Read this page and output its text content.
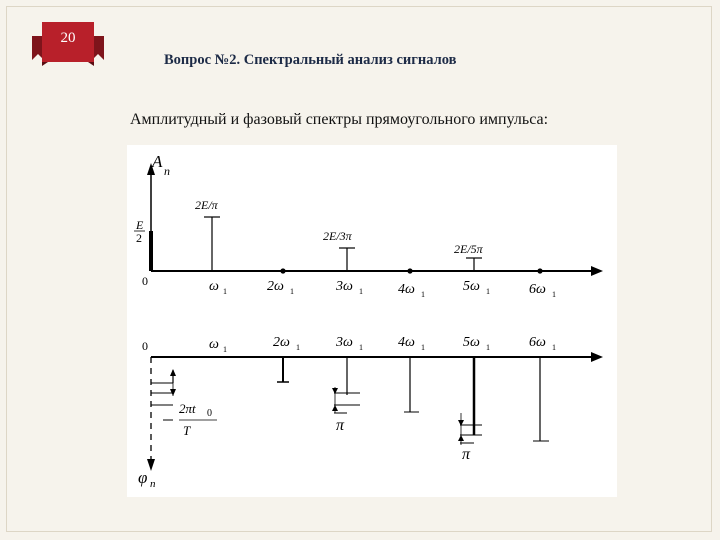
20
Вопрос №2. Спектральный анализ сигналов
Амплитудный и фазовый спектры прямоугольного импульса:
A n
0
E
2
2E/π
2E/3π
2E/5π
ω 1	2ω 1	3ω 1	4ω 1
5ω 1	6ω 1
0
φ n
2πt 0
T	π
π
ω 1	2ω 1	3ω 1	4ω 1	5ω 1	6ω 1
